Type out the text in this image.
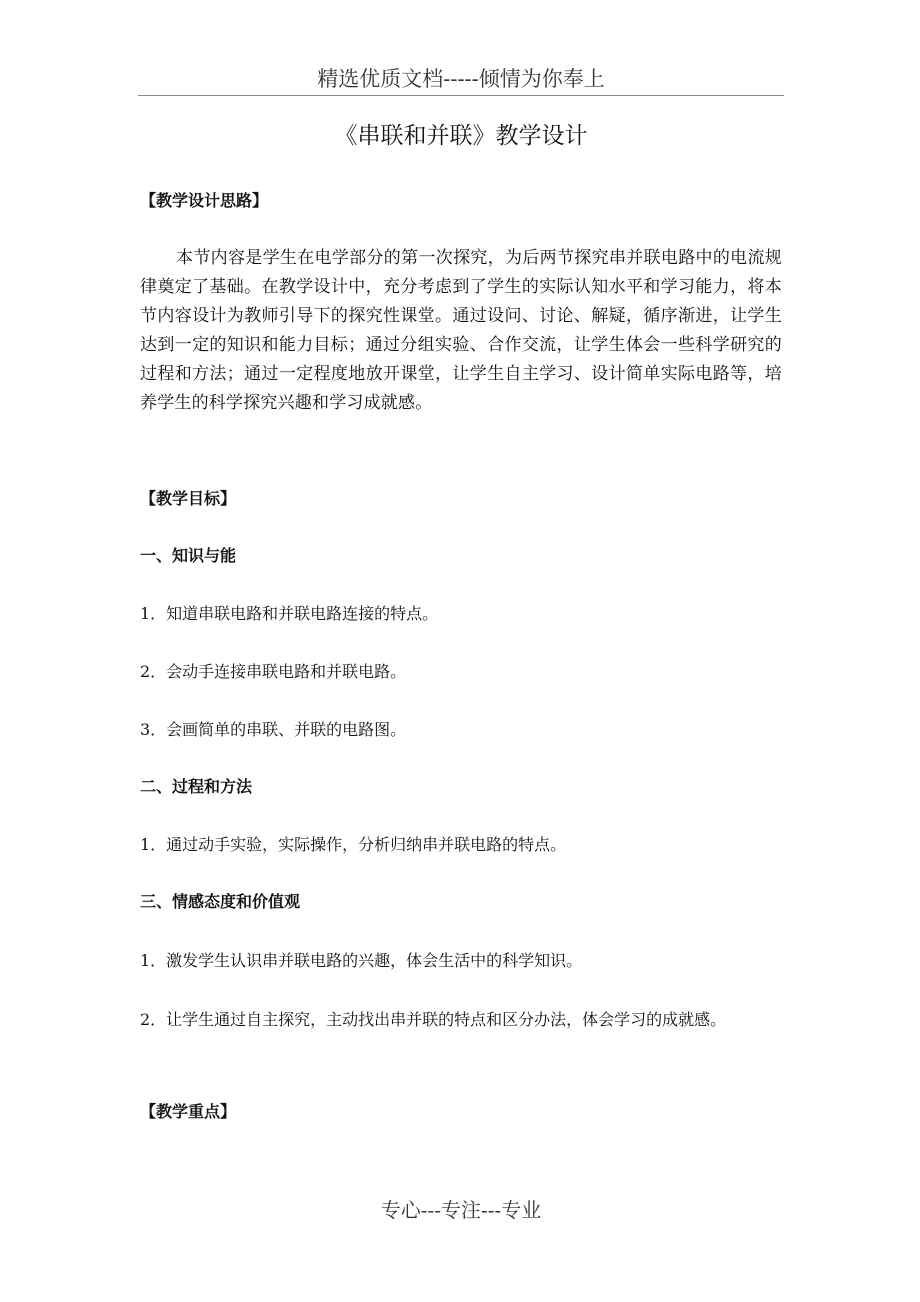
精选优质文档-----倾情为你奉上
《串联和并联》教学设计
【教学设计思路】
本节内容是学生在电学部分的第一次探究，为后两节探究串并联电路中的电流规律奠定了基础。在教学设计中，充分考虑到了学生的实际认知水平和学习能力，将本节内容设计为教师引导下的探究性课堂。通过设问、讨论、解疑，循序渐进，让学生达到一定的知识和能力目标；通过分组实验、合作交流，让学生体会一些科学研究的过程和方法；通过一定程度地放开课堂，让学生自主学习、设计简单实际电路等，培养学生的科学探究兴趣和学习成就感。
【教学目标】
一、知识与能
1．知道串联电路和并联电路连接的特点。
2．会动手连接串联电路和并联电路。
3．会画简单的串联、并联的电路图。
二、过程和方法
1．通过动手实验，实际操作，分析归纳串并联电路的特点。
三、情感态度和价值观
1．激发学生认识串并联电路的兴趣，体会生活中的科学知识。
2．让学生通过自主探究，主动找出串并联的特点和区分办法，体会学习的成就感。
【教学重点】
专心---专注---专业
